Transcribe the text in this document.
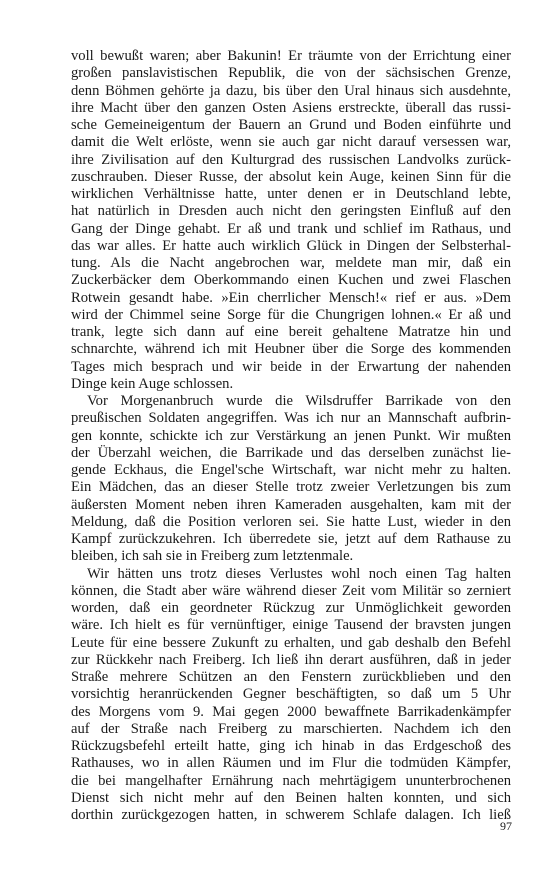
voll bewußt waren; aber Bakunin! Er träumte von der Errichtung einer
großen panslavistischen Republik, die von der sächsischen Grenze,
denn Böhmen gehörte ja dazu, bis über den Ural hinaus sich ausdehnte,
ihre Macht über den ganzen Osten Asiens erstreckte, überall das russi-
sche Gemeineigentum der Bauern an Grund und Boden einführte und
damit die Welt erlöste, wenn sie auch gar nicht darauf versessen war,
ihre Zivilisation auf den Kulturgrad des russischen Landvolks zurück-
zuschrauben. Dieser Russe, der absolut kein Auge, keinen Sinn für die
wirklichen Verhältnisse hatte, unter denen er in Deutschland lebte,
hat natürlich in Dresden auch nicht den geringsten Einfluß auf den
Gang der Dinge gehabt. Er aß und trank und schlief im Rathaus, und
das war alles. Er hatte auch wirklich Glück in Dingen der Selbsterhal-
tung. Als die Nacht angebrochen war, meldete man mir, daß ein
Zuckerbäcker dem Oberkommando einen Kuchen und zwei Flaschen
Rotwein gesandt habe. »Ein cherrlicher Mensch!« rief er aus. »Dem
wird der Chimmel seine Sorge für die Chungrigen lohnen.« Er aß und
trank, legte sich dann auf eine bereit gehaltene Matratze hin und
schnarchte, während ich mit Heubner über die Sorge des kommenden
Tages mich besprach und wir beide in der Erwartung der nahenden
Dinge kein Auge schlossen.
Vor Morgenanbruch wurde die Wilsdruffer Barrikade von den
preußischen Soldaten angegriffen. Was ich nur an Mannschaft aufbrin-
gen konnte, schickte ich zur Verstärkung an jenen Punkt. Wir mußten
der Überzahl weichen, die Barrikade und das derselben zunächst lie-
gende Eckhaus, die Engel'sche Wirtschaft, war nicht mehr zu halten.
Ein Mädchen, das an dieser Stelle trotz zweier Verletzungen bis zum
äußersten Moment neben ihren Kameraden ausgehalten, kam mit der
Meldung, daß die Position verloren sei. Sie hatte Lust, wieder in den
Kampf zurückzukehren. Ich überredete sie, jetzt auf dem Rathause zu
bleiben, ich sah sie in Freiberg zum letztenmale.
Wir hätten uns trotz dieses Verlustes wohl noch einen Tag halten
können, die Stadt aber wäre während dieser Zeit vom Militär so zerniert
worden, daß ein geordneter Rückzug zur Unmöglichkeit geworden
wäre. Ich hielt es für vernünftiger, einige Tausend der bravsten jungen
Leute für eine bessere Zukunft zu erhalten, und gab deshalb den Befehl
zur Rückkehr nach Freiberg. Ich ließ ihn derart ausführen, daß in jeder
Straße mehrere Schützen an den Fenstern zurückblieben und den
vorsichtig heranrückenden Gegner beschäftigten, so daß um 5 Uhr
des Morgens vom 9. Mai gegen 2000 bewaffnete Barrikadenkämpfer
auf der Straße nach Freiberg zu marschierten. Nachdem ich den
Rückzugsbefehl erteilt hatte, ging ich hinab in das Erdgeschoß des
Rathauses, wo in allen Räumen und im Flur die todmüden Kämpfer,
die bei mangelhafter Ernährung nach mehrtägigem ununterbrochenen
Dienst sich nicht mehr auf den Beinen halten konnten, und sich
dorthin zurückgezogen hatten, in schwerem Schlafe dalagen. Ich ließ
97
